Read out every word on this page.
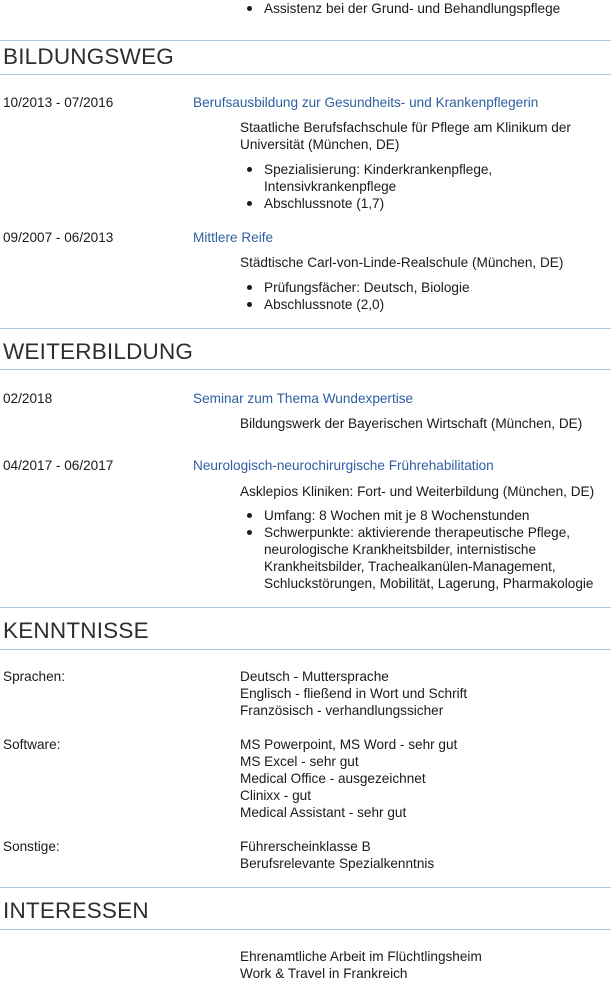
Assistenz bei der Grund- und Behandlungspflege
BILDUNGSWEG
10/2013 - 07/2016	Berufsausbildung zur Gesundheits- und Krankenpflegerin
Staatliche Berufsfachschule für Pflege am Klinikum der
Universität (München, DE)
Spezialisierung: Kinderkrankenpflege,
Intensivkrankenpflege
Abschlussnote (1,7)
09/2007 - 06/2013	Mittlere Reife
Städtische Carl-von-Linde-Realschule (München, DE)
Prüfungsfächer: Deutsch, Biologie
Abschlussnote (2,0)
WEITERBILDUNG
02/2018	Seminar zum Thema Wundexpertise
Bildungswerk der Bayerischen Wirtschaft (München, DE)
04/2017 - 06/2017	Neurologisch-neurochirurgische Frührehabilitation
Asklepios Kliniken: Fort- und Weiterbildung (München, DE)
Umfang: 8 Wochen mit je 8 Wochenstunden
Schwerpunkte: aktivierende therapeutische Pflege,
neurologische Krankheitsbilder, internistische
Krankheitsbilder, Trachealkanülen-Management,
Schluckstörungen, Mobilität, Lagerung, Pharmakologie
KENNTNISSE
Sprachen:	Deutsch - Muttersprache
Englisch - fließend in Wort und Schrift
Französisch - verhandlungssicher
Software:	MS Powerpoint, MS Word - sehr gut
MS Excel - sehr gut
Medical Office - ausgezeichnet
Clinixx - gut
Medical Assistant - sehr gut
Sonstige:	Führerscheinklasse B
Berufsrelevante Spezialkenntnis
INTERESSEN
Ehrenamtliche Arbeit im Flüchtlingsheim
Work & Travel in Frankreich
